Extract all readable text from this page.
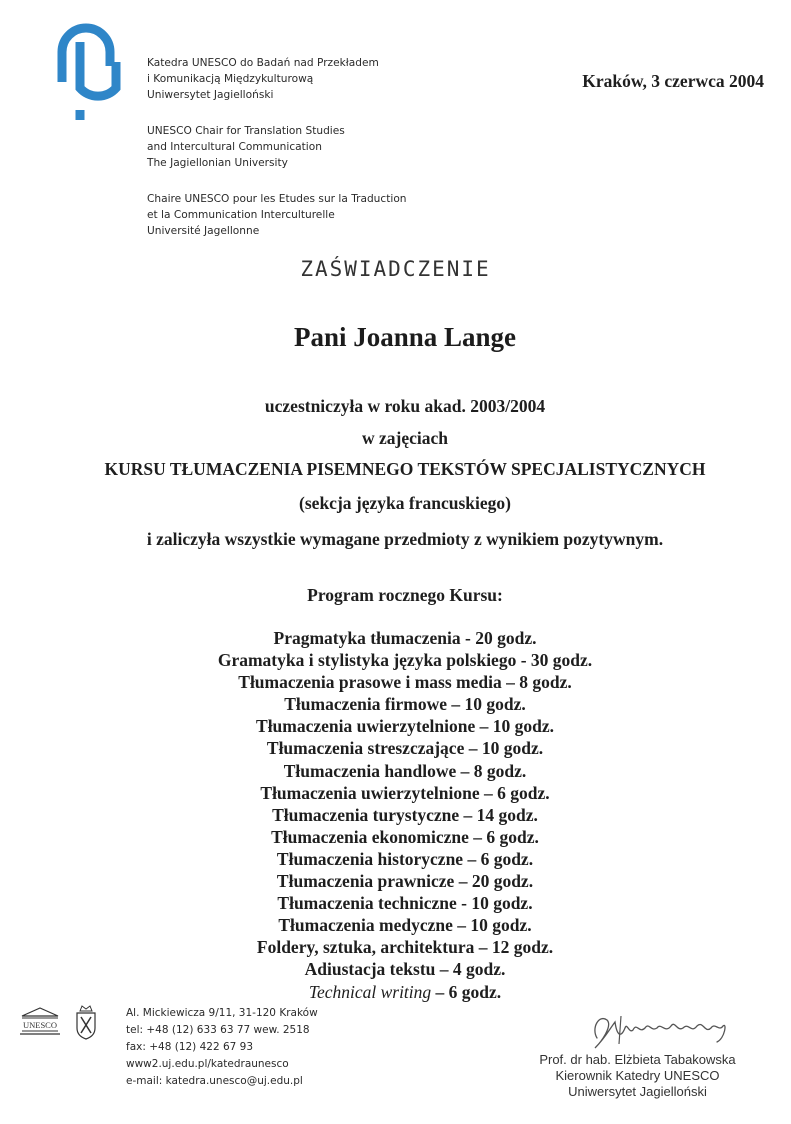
Katedra UNESCO do Badań nad Przekładem
i Komunikacją Międzykulturową
Uniwersytet Jagielloński
UNESCO Chair for Translation Studies
and Intercultural Communication
The Jagiellonian University
Chaire UNESCO pour les Etudes sur la Traduction
et la Communication Interculturelle
Université Jagellonne
Kraków, 3 czerwca 2004
ZAŚWIADCZENIE
Pani Joanna Lange
uczestniczyła w roku akad. 2003/2004
w zajęciach
KURSU TŁUMACZENIA PISEMNEGO TEKSTÓW SPECJALISTYCZNYCH
(sekcja języka francuskiego)
i zaliczyła wszystkie wymagane przedmioty z wynikiem pozytywnym.
Program rocznego Kursu:
Pragmatyka tłumaczenia - 20 godz.
Gramatyka i stylistyka języka polskiego - 30 godz.
Tłumaczenia prasowe i mass media – 8 godz.
Tłumaczenia firmowe – 10 godz.
Tłumaczenia uwierzytelnione – 10 godz.
Tłumaczenia streszczające – 10 godz.
Tłumaczenia handlowe – 8 godz.
Tłumaczenia uwierzytelnione – 6 godz.
Tłumaczenia turystyczne – 14 godz.
Tłumaczenia ekonomiczne – 6 godz.
Tłumaczenia historyczne – 6 godz.
Tłumaczenia prawnicze – 20 godz.
Tłumaczenia techniczne - 10 godz.
Tłumaczenia medyczne – 10 godz.
Foldery, sztuka, architektura – 12 godz.
Adiustacja tekstu – 4 godz.
Technical writing – 6 godz.
UNESCO
Al. Mickiewicza 9/11, 31-120 Kraków
tel: +48 (12) 633 63 77 wew. 2518
fax: +48 (12) 422 67 93
www2.uj.edu.pl/katedraunesco
e-mail: katedra.unesco@uj.edu.pl
Prof. dr hab. Elżbieta Tabakowska
Kierownik Katedry UNESCO
Uniwersytet Jagielloński
